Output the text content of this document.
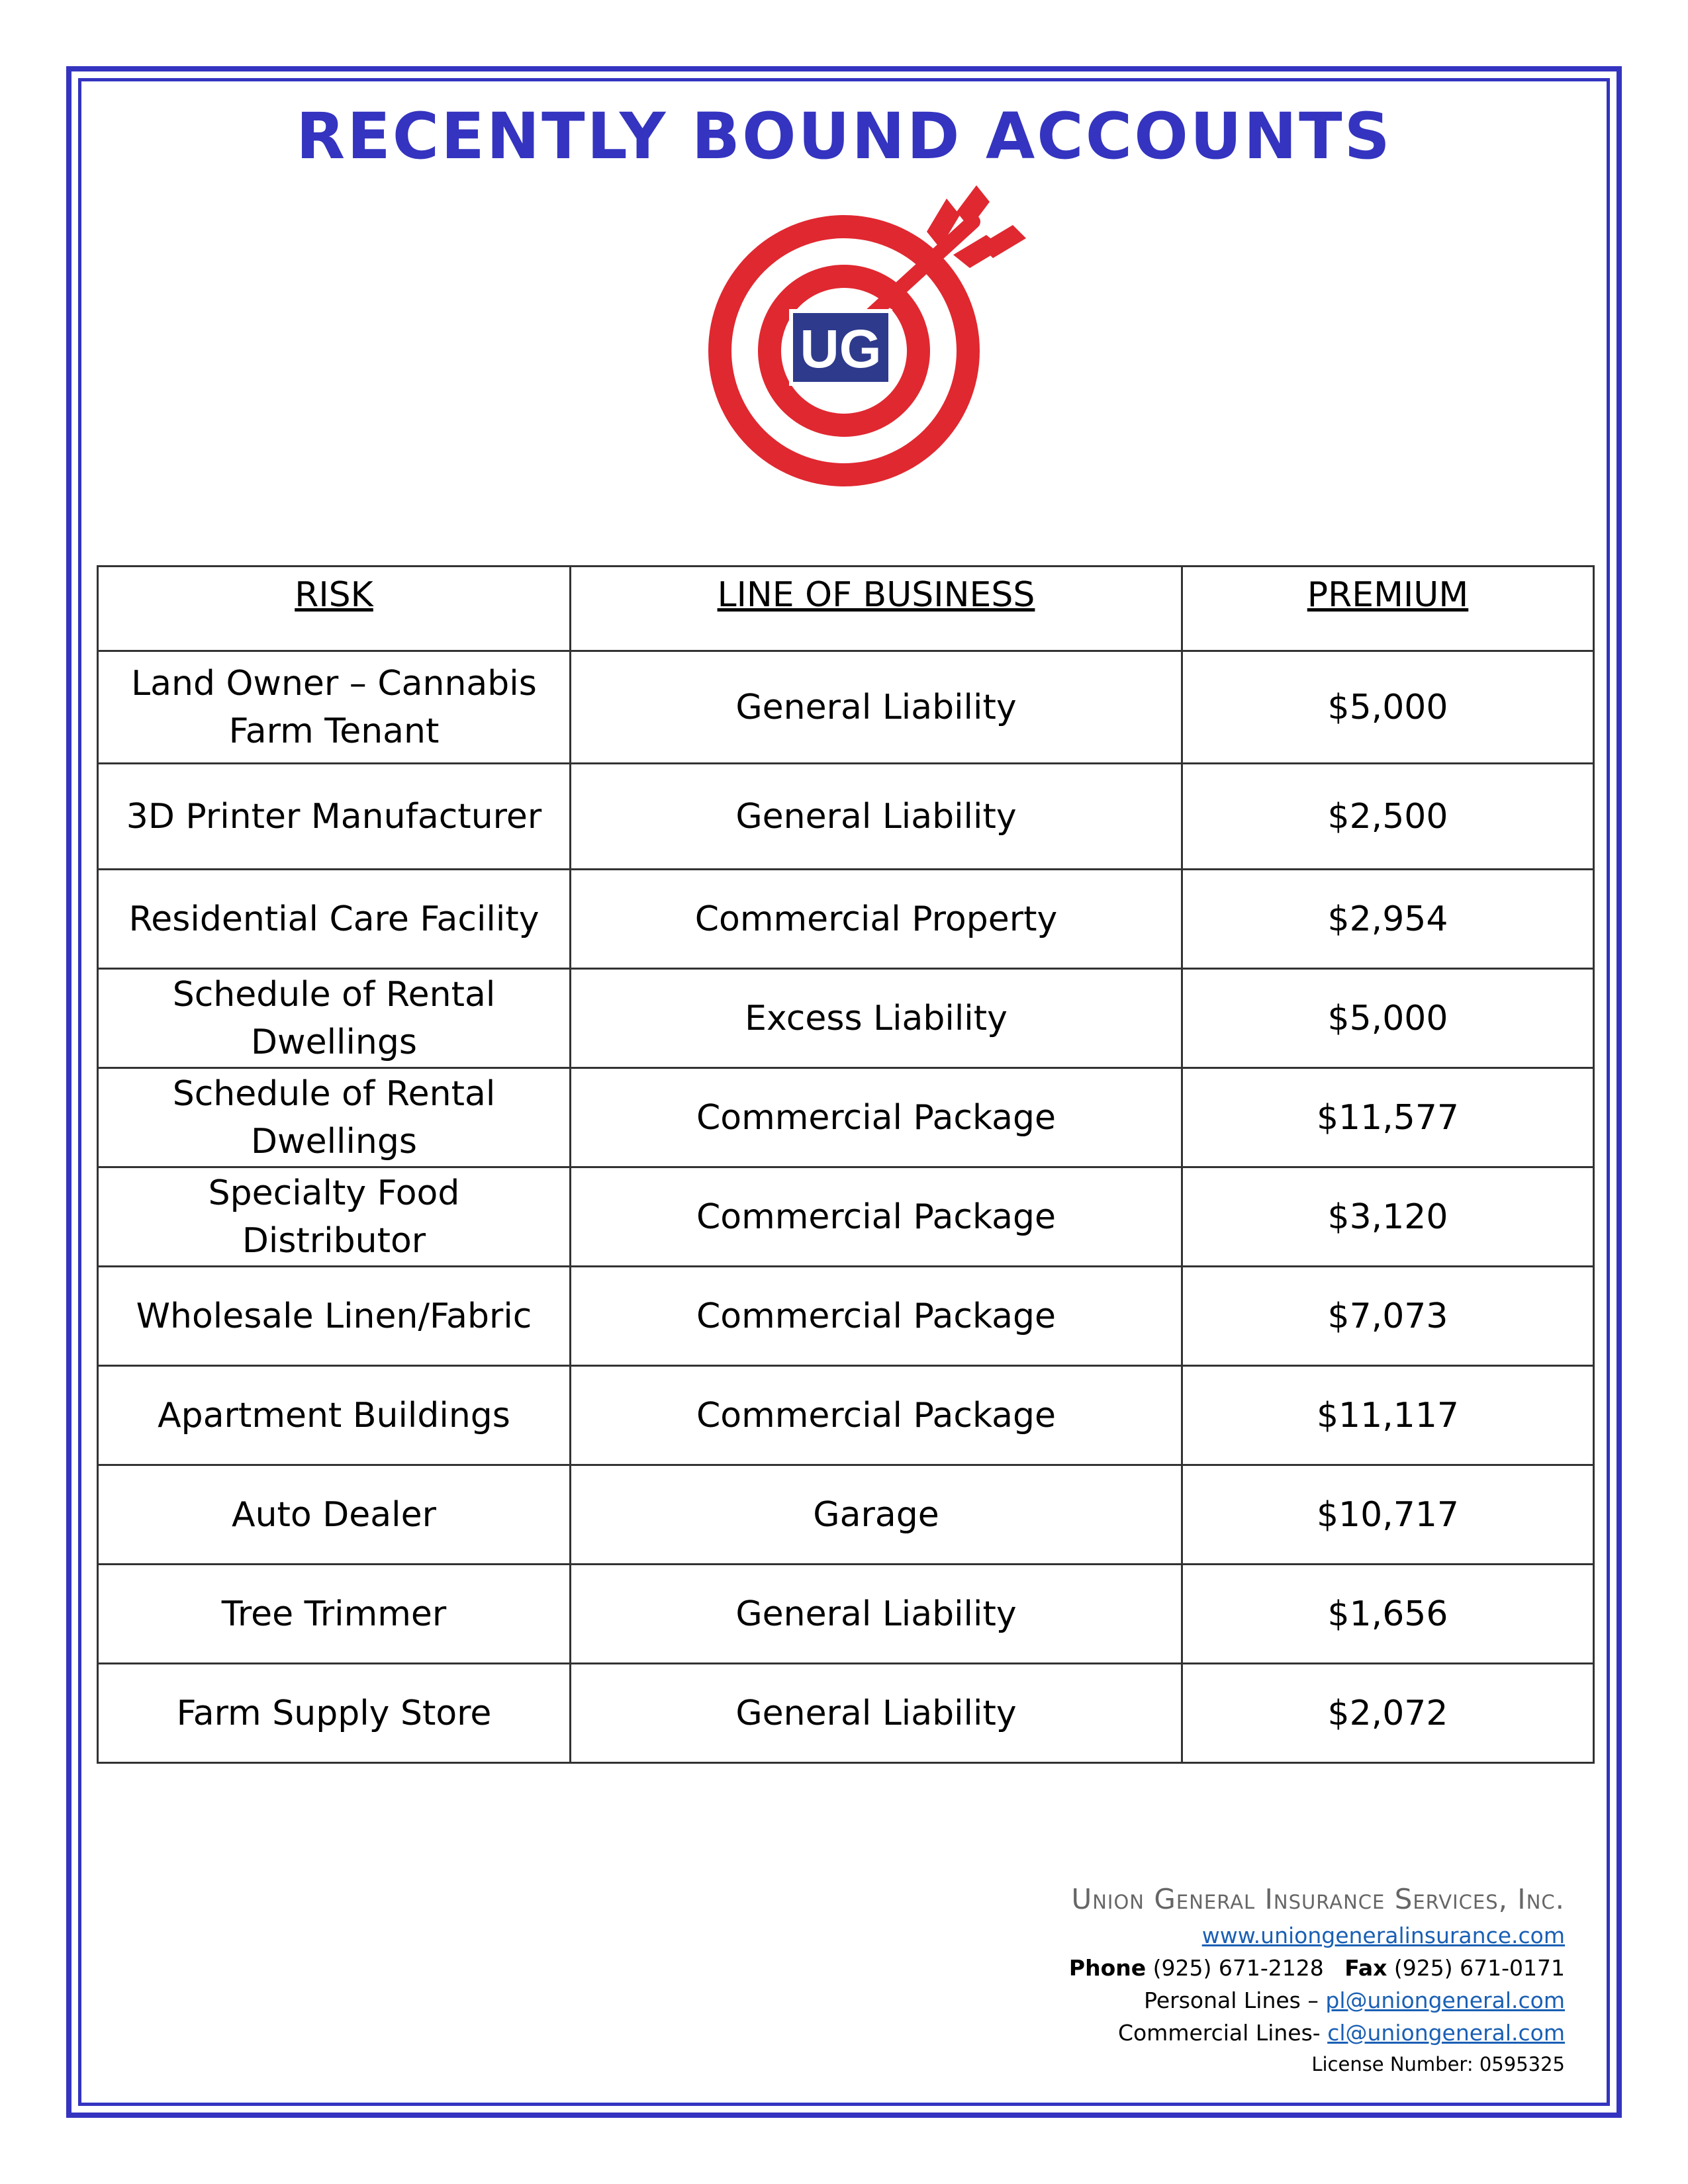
RECENTLY BOUND ACCOUNTS
UG
RISK	LINE OF BUSINESS	PREMIUM
Land Owner – Cannabis Farm Tenant	General Liability	$5,000
3D Printer Manufacturer	General Liability	$2,500
Residential Care Facility	Commercial Property	$2,954
Schedule of Rental Dwellings	Excess Liability	$5,000
Schedule of Rental Dwellings	Commercial Package	$11,577
Specialty Food Distributor	Commercial Package	$3,120
Wholesale Linen/Fabric	Commercial Package	$7,073
Apartment Buildings	Commercial Package	$11,117
Auto Dealer	Garage	$10,717
Tree Trimmer	General Liability	$1,656
Farm Supply Store	General Liability	$2,072
Union General Insurance Services, Inc.
www.uniongeneralinsurance.com
Phone (925) 671-2128 Fax (925) 671-0171
Personal Lines – pl@uniongeneral.com
Commercial Lines- cl@uniongeneral.com
License Number: 0595325
